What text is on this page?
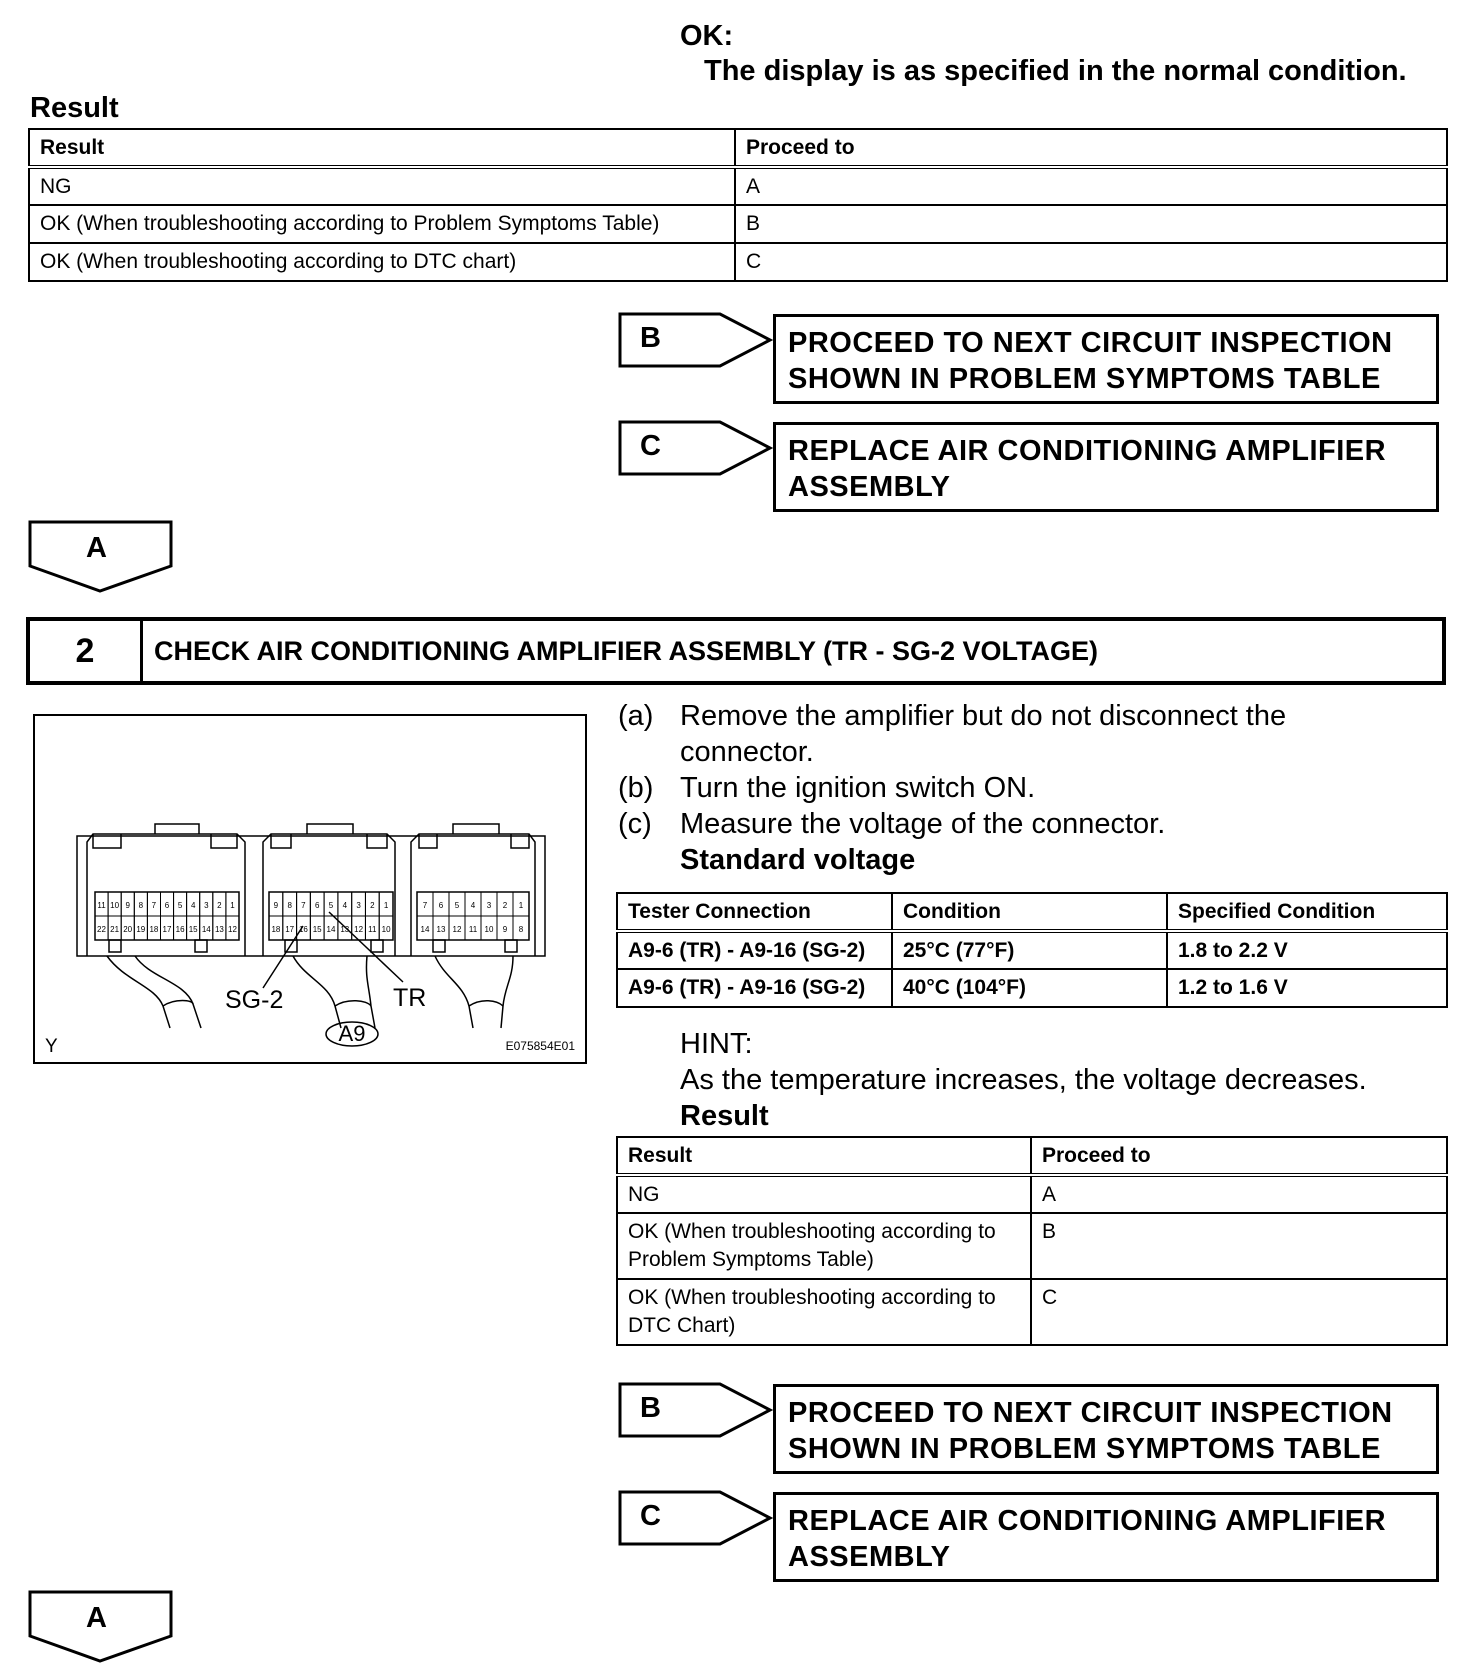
OK:
The display is as specified in the normal condition.
Result
Result	Proceed to
NG	A
OK (When troubleshooting according to Problem Symptoms Table)	B
OK (When troubleshooting according to DTC chart)	C
B	PROCEED TO NEXT CIRCUIT INSPECTION
SHOWN IN PROBLEM SYMPTOMS TABLE
C	REPLACE AIR CONDITIONING AMPLIFIER
ASSEMBLY
A
2	CHECK AIR CONDITIONING AMPLIFIER ASSEMBLY (TR - SG-2 VOLTAGE)
11 10 9 8 7 6 5 4 3 2 1
22 21 20 19 18 17 16 15 14 13 12
9 8 7 6 5 4 3 2 1
18 17 16 15 14 13 12 11 10
7 6 5 4 3 2 1
14 13 12 11 10 9 8
SG-2	TR
A9
Y	E075854E01
(a) Remove the amplifier but do not disconnect the
connector.
(b) Turn the ignition switch ON.
(c) Measure the voltage of the connector.
Standard voltage
Tester Connection	Condition	Specified Condition
A9-6 (TR) - A9-16 (SG-2)	25°C (77°F)	1.8 to 2.2 V
A9-6 (TR) - A9-16 (SG-2)	40°C (104°F)	1.2 to 1.6 V
HINT:
As the temperature increases, the voltage decreases.
Result
Result	Proceed to
NG	A
OK (When troubleshooting according to Problem Symptoms Table)	B
OK (When troubleshooting according to DTC Chart)	C
B	PROCEED TO NEXT CIRCUIT INSPECTION
SHOWN IN PROBLEM SYMPTOMS TABLE
C	REPLACE AIR CONDITIONING AMPLIFIER
ASSEMBLY
A
